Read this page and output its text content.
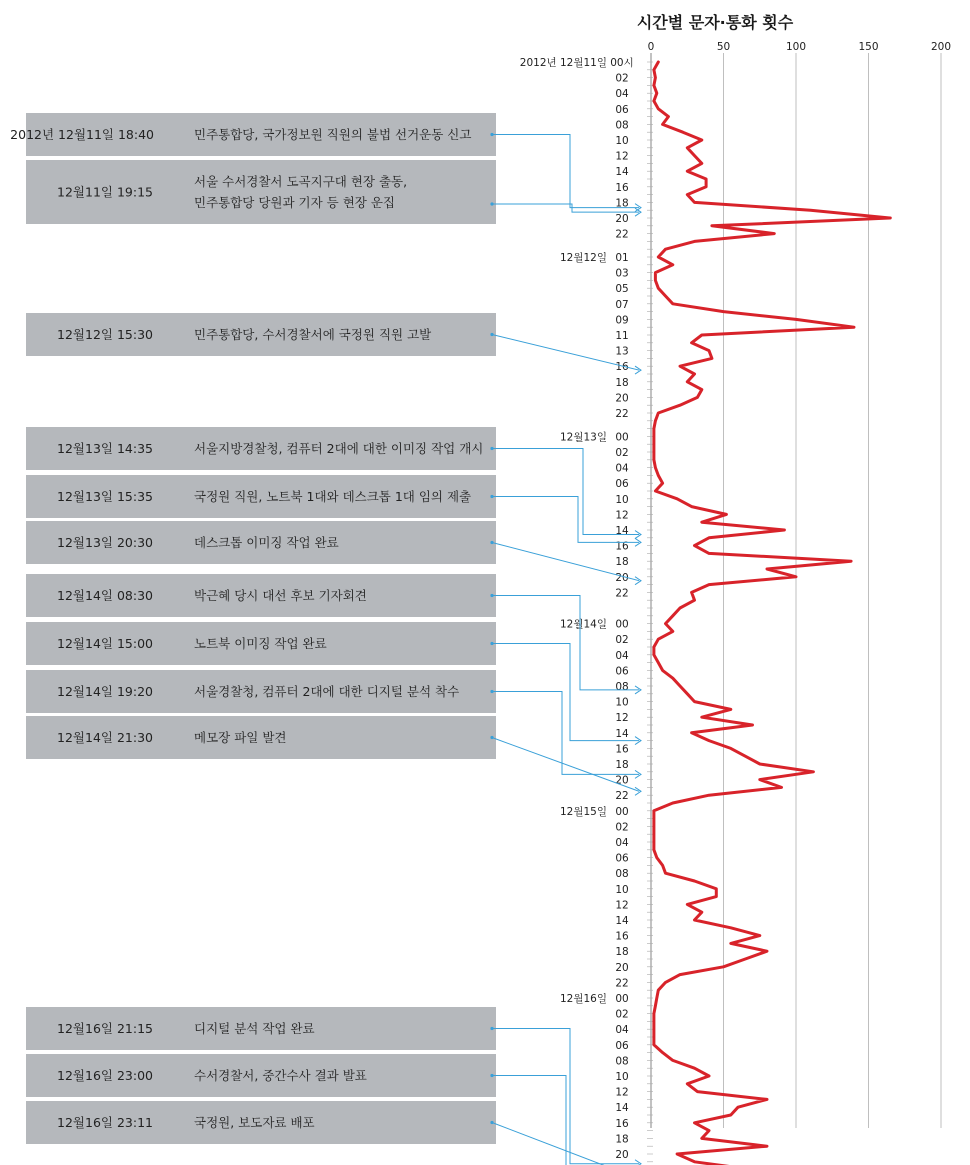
시간별 문자·통화 횟수
0	50	100	150	200
00시
02
04
06
08
10
12
14
16
18
20
22
01
03
05
07
09
11
13
16
18
20
22
00
02
04
06
10
12
14
16
18
20
22
00
02
04
06
08
10
12
14
16
18
20
22
00
02
04
06
08
10
12
14
16
18
20
22
00
02
04
06
08
10
12
14
16
18
20
2012년 12월11일
12월12일
12월13일
12월14일
12월15일
12월16일
2012년 12월11일 18:40	민주통합당, 국가정보원 직원의 불법 선거운동 신고
12월11일 19:15
서울 수서경찰서 도곡지구대 현장 출동,
민주통합당 당원과 기자 등 현장 운집
12월12일 15:30	민주통합당, 수서경찰서에 국정원 직원 고발
12월13일 14:35	서울지방경찰청, 컴퓨터 2대에 대한 이미징 작업 개시
12월13일 15:35	국정원 직원, 노트북 1대와 데스크톱 1대 임의 제출
12월13일 20:30	데스크톱 이미징 작업 완료
12월14일 08:30	박근혜 당시 대선 후보 기자회견
12월14일 15:00	노트북 이미징 작업 완료
12월14일 19:20	서울경찰청, 컴퓨터 2대에 대한 디지털 분석 착수
12월14일 21:30	메모장 파일 발견
12월16일 21:15	디지털 분석 작업 완료
12월16일 23:00	수서경찰서, 중간수사 결과 발표
12월16일 23:11	국정원, 보도자료 배포
